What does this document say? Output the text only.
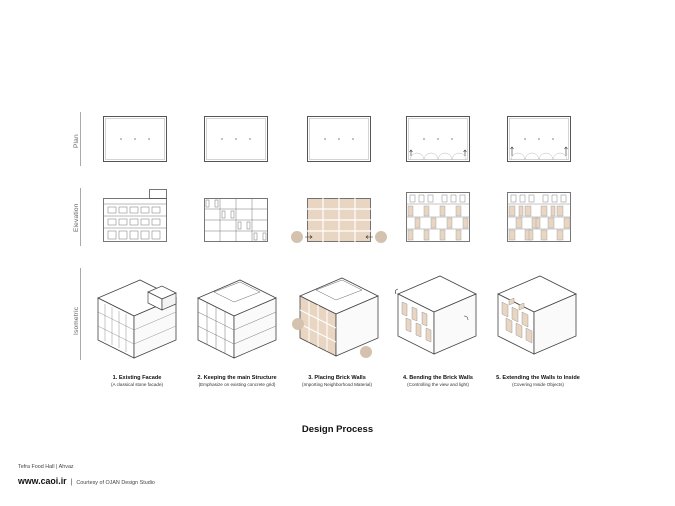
Plan
Elevation
Isometric
1. Existing Facade
(A classical stone facade)
2. Keeping the main Structure
(Emphasize on existing concrete grid)
3. Placing Brick Walls
(Importing Neighborhood Material)
4. Bending the Brick Walls
(Controlling the view and light)
5. Extending the Walls to Inside
(Covering Inside Objects)
Design Process
Tefra Food Hall | Ahvaz
www.caoi.ir | Courtesy of OJAN Design Studio
